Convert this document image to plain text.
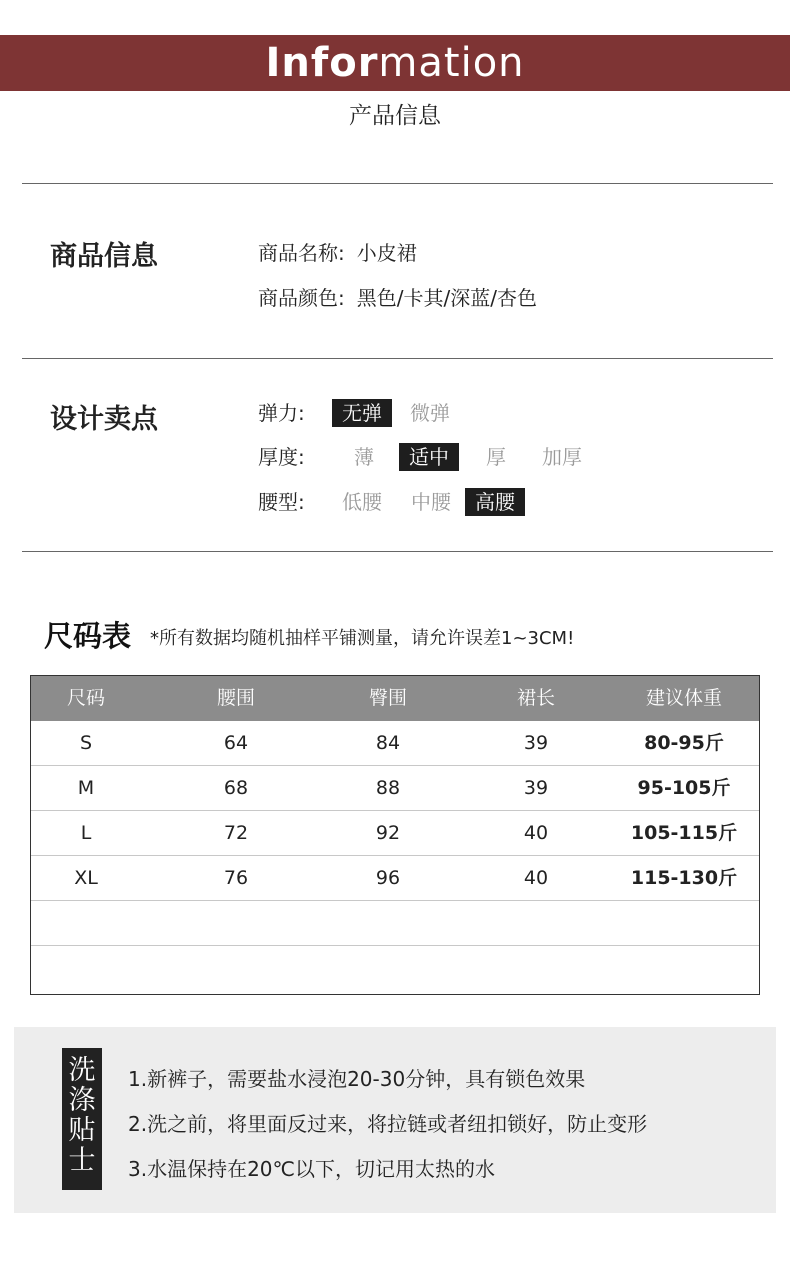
Information
产品信息
商品信息	商品名称: 小皮裙
商品颜色: 黑色/卡其/深蓝/杏色
设计卖点	弹力:	无弹	微弹
厚度:	薄	适中	厚	加厚
腰型:	低腰	中腰	高腰
尺码表 *所有数据均随机抽样平铺测量，请允许误差1~3CM!
尺码	腰围	臀围	裙长	建议体重
S	64	84	39	80-95斤
M	68	88	39	95-105斤
L	72	92	40	105-115斤
XL	76	96	40	115-130斤
洗
涤
贴
士
1.新裤子，需要盐水浸泡20-30分钟，具有锁色效果
2.洗之前，将里面反过来，将拉链或者纽扣锁好，防止变形
3.水温保持在20℃以下，切记用太热的水
